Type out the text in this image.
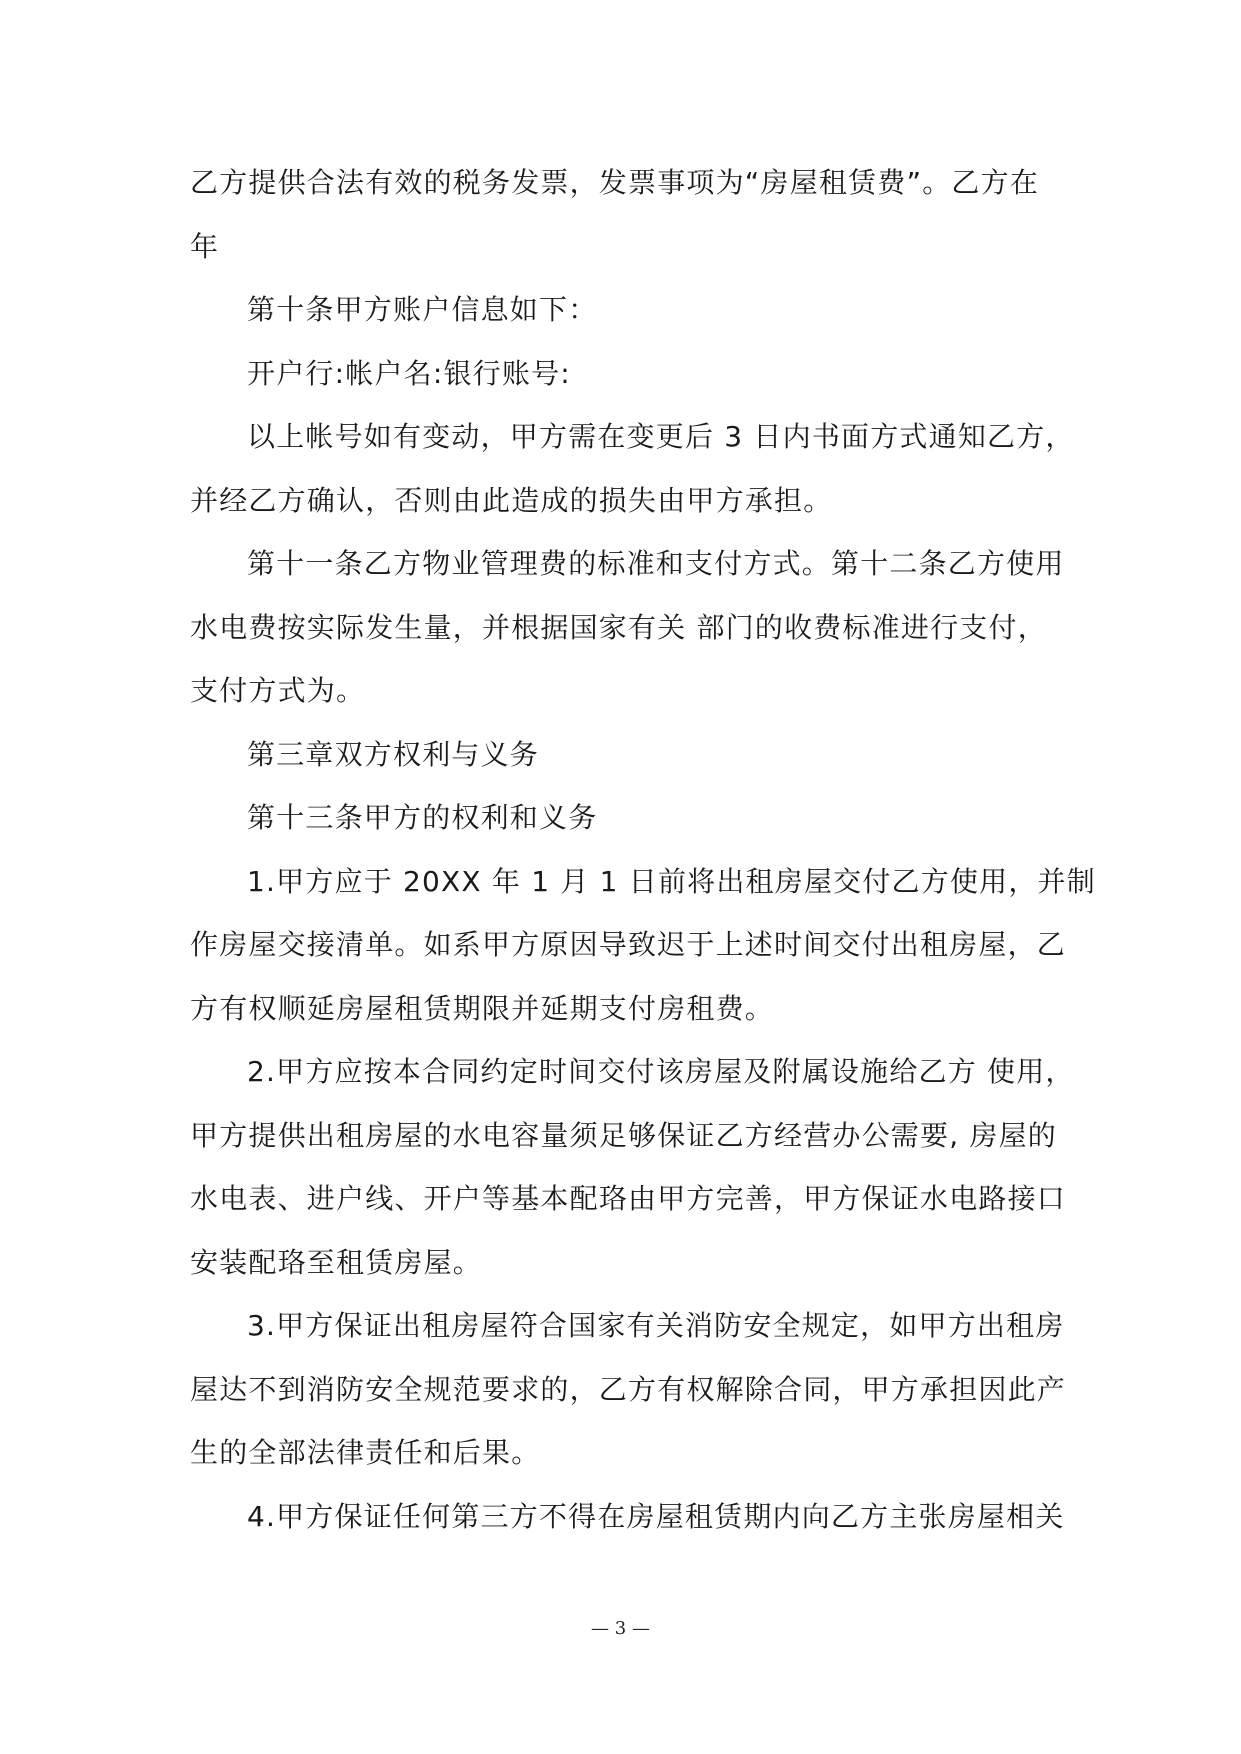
乙方提供合法有效的税务发票，发票事项为“房屋租赁费”。乙方在
年
第十条甲方账户信息如下：
开户行:帐户名:银行账号:
以上帐号如有变动，甲方需在变更后 3 日内书面方式通知乙方，
并经乙方确认，否则由此造成的损失由甲方承担。
第十一条乙方物业管理费的标准和支付方式。第十二条乙方使用
水电费按实际发生量，并根据国家有关 部门的收费标准进行支付，
支付方式为。
第三章双方权利与义务
第十三条甲方的权利和义务
1.甲方应于 20XX 年 1 月 1 日前将出租房屋交付乙方使用，并制
作房屋交接清单。如系甲方原因导致迟于上述时间交付出租房屋，乙
方有权顺延房屋租赁期限并延期支付房租费。
2.甲方应按本合同约定时间交付该房屋及附属设施给乙方 使用，
甲方提供出租房屋的水电容量须足够保证乙方经营办公需要, 房屋的
水电表、进户线、开户等基本配珞由甲方完善，甲方保证水电路接口
安装配珞至租赁房屋。
3.甲方保证出租房屋符合国家有关消防安全规定，如甲方出租房
屋达不到消防安全规范要求的，乙方有权解除合同，甲方承担因此产
生的全部法律责任和后果。
4.甲方保证任何第三方不得在房屋租赁期内向乙方主张房屋相关
— 3 —
